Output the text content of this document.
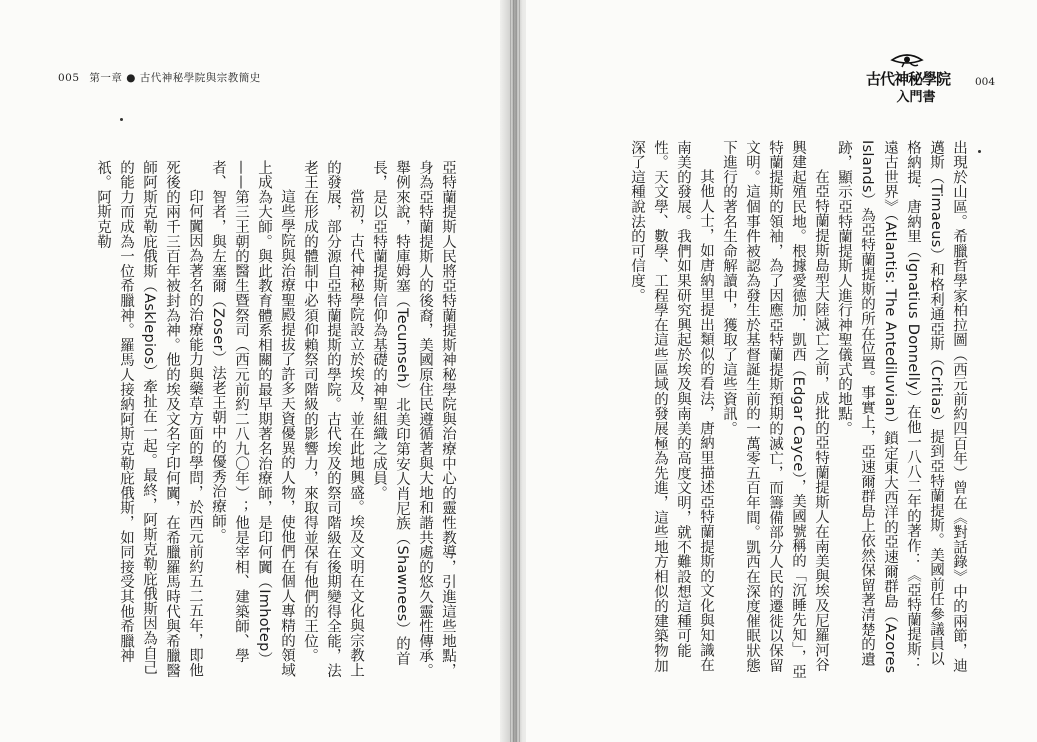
005 第一章 ● 古代神秘學院與宗教簡史

亞特蘭提斯人民將亞特蘭提斯神秘學院與治療中心的靈性教導，引進這些地點，身為亞特蘭提斯人的後裔，美國原住民遵循著與大地和諧共處的悠久靈性傳承。舉例來說，特庫姆塞（Tecumseh）北美印第安人肖尼族（Shawnees）的首長，是以亞特蘭提斯信仰為基礎的神聖組織之成員。

當初，古代神秘學院設立於埃及，並在此地興盛。埃及文明在文化與宗教上的發展，部分源自亞特蘭提斯的學院。古代埃及的祭司階級在後期變得全能，法老王在形成的體制中必須仰賴祭司階級的影響力，來取得並保有他們的王位。

這些學院與治療聖殿提拔了許多天資優異的人物，使他們在個人專精的領域上成為大師。與此教育體系相關的最早期著名治療師，是印何闐（Imhotep）——第三王朝的醫生暨祭司（西元前約二八九〇年）；他是宰相、建築師、學者、智者，與左塞爾（Zoser）法老王朝中的優秀治療師。

印何闐因為著名的治療能力與藥草方面的學問，於西元前約五二五年，即他死後的兩千三百年被封為神。他的埃及文名字印何闐，在希臘羅馬時代與希臘醫師阿斯克勒庇俄斯（Asklepios）牽扯在一起。最終，阿斯克勒庇俄斯因為自己的能力而成為一位希臘神。羅馬人接納阿斯克勒庇俄斯，如同接受其他希臘神祇。阿斯克勒

古代神秘學院
入門書
004

出現於山區。希臘哲學家柏拉圖（西元前約四百年）曾在《對話錄》中的兩節，迪邁斯（Timaeus）和格利通亞斯（Critias）提到亞特蘭提斯。美國前任參議員以格納提．唐納里（Ignatius Donnelly）在他一八八二年的著作：《亞特蘭提斯：遠古世界》（Atlantis: The Antediluvian）鎖定東大西洋的亞速爾群島（Azores Islands）為亞特蘭提斯的所在位置。事實上，亞速爾群島上依然保留著清楚的遺跡，顯示亞特蘭提斯人進行神聖儀式的地點。

在亞特蘭提斯島型大陸滅亡之前，成批的亞特蘭提斯人在南美與埃及尼羅河谷興建起殖民地。根據愛德加．凱西（Edgar Cayce），美國號稱的「沉睡先知」，亞特蘭提斯的領袖，為了因應亞特蘭提斯預期的滅亡，而籌備部分人民的遷徙以保留文明。這個事件被認為發生於基督誕生前的一萬零五百年間。凱西在深度催眠狀態下進行的著名生命解讀中，獲取了這些資訊。

其他人士，如唐納里提出類似的看法，唐納里描述亞特蘭提斯的文化與知識在南美的發展。我們如果研究興起於埃及與南美的高度文明，就不難設想這種可能性。天文學、數學、工程學在這些區域的發展極為先進，這些地方相似的建築物加深了這種說法的可信度。
